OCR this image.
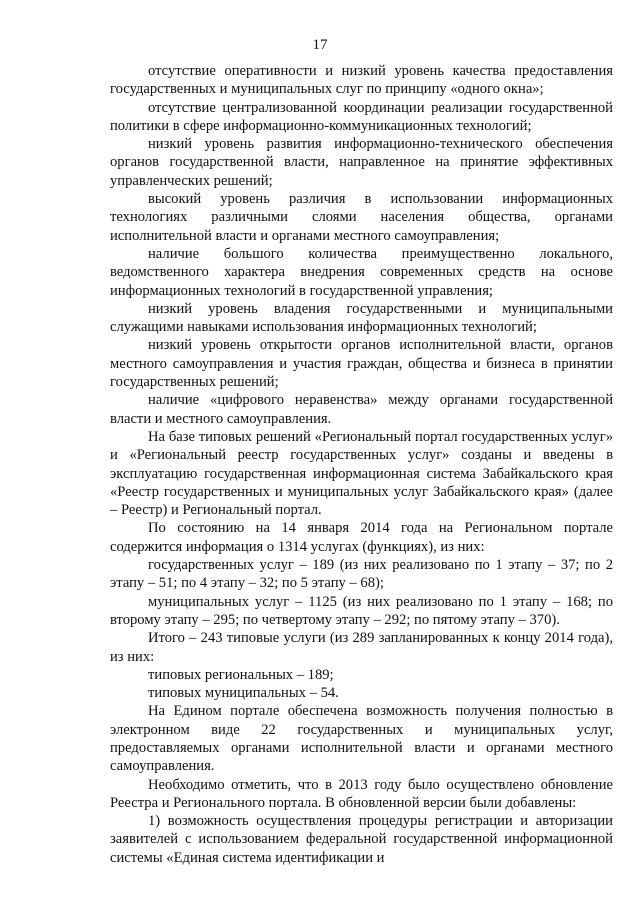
17

отсутствие оперативности и низкий уровень качества предоставления государственных и муниципальных слуг по принципу «одного окна»;

отсутствие централизованной координации реализации государственной политики в сфере информационно-коммуникационных технологий;

низкий уровень развития информационно-технического обеспечения органов государственной власти, направленное на принятие эффективных управленческих решений;

высокий уровень различия в использовании информационных технологиях различными слоями населения общества, органами исполнительной власти и органами местного самоуправления;

наличие большого количества преимущественно локального, ведомственного характера внедрения современных средств на основе информационных технологий в государственной управления;

низкий уровень владения государственными и муниципальными служащими навыками использования информационных технологий;

низкий уровень открытости органов исполнительной власти, органов местного самоуправления и участия граждан, общества и бизнеса в принятии государственных решений;

наличие «цифрового неравенства» между органами государственной власти и местного самоуправления.

На базе типовых решений «Региональный портал государственных услуг» и «Региональный реестр государственных услуг» созданы и введены в эксплуатацию государственная информационная система Забайкальского края «Реестр государственных и муниципальных услуг Забайкальского края» (далее – Реестр) и Региональный портал.

По состоянию на 14 января 2014 года на Региональном портале содержится информация о 1314 услугах (функциях), из них:

государственных услуг – 189 (из них реализовано по 1 этапу – 37; по 2 этапу – 51; по 4 этапу – 32; по 5 этапу – 68);

муниципальных услуг – 1125 (из них реализовано по 1 этапу – 168; по второму этапу – 295; по четвертому этапу – 292; по пятому этапу – 370).

Итого – 243 типовые услуги (из 289 запланированных к концу 2014 года), из них:

типовых региональных – 189;

типовых муниципальных – 54.

На Едином портале обеспечена возможность получения полностью в электронном виде 22 государственных и муниципальных услуг, предоставляемых органами исполнительной власти и органами местного самоуправления.

Необходимо отметить, что в 2013 году было осуществлено обновление Реестра и Регионального портала. В обновленной версии были добавлены:

1) возможность осуществления процедуры регистрации и авторизации заявителей с использованием федеральной государственной информационной системы «Единая система идентификации и
